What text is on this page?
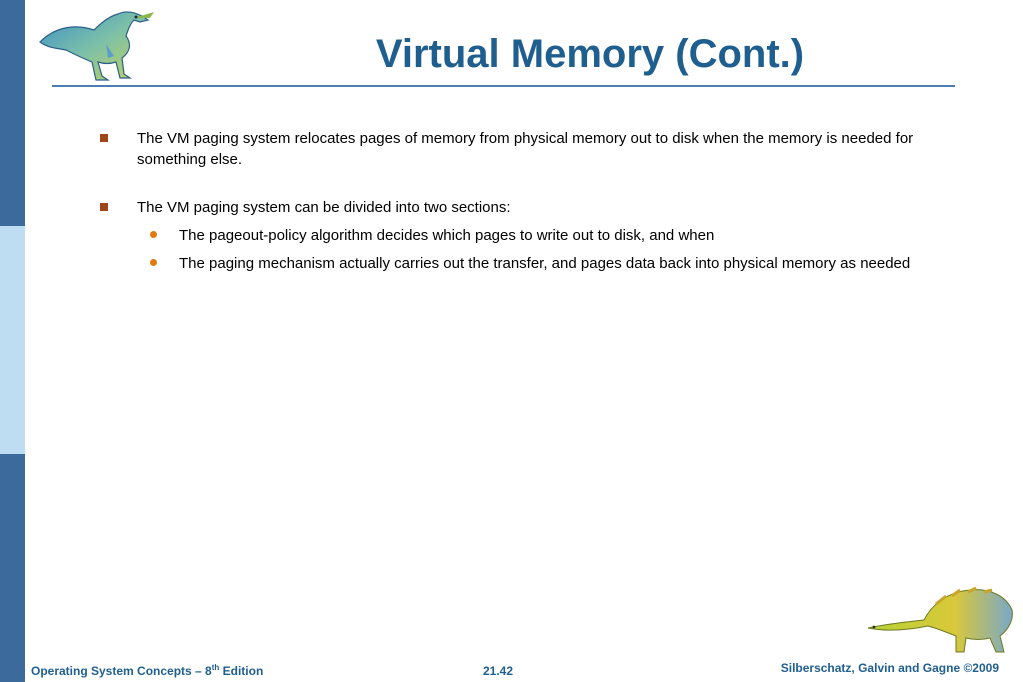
Virtual Memory (Cont.)
The VM paging system relocates pages of memory from physical memory out to disk when the memory is needed for something else.
The VM paging system can be divided into two sections:
The pageout-policy algorithm decides which pages to write out to disk, and when
The paging mechanism actually carries out the transfer, and pages data back into physical memory as needed
Operating System Concepts – 8th Edition	21.42	Silberschatz, Galvin and Gagne ©2009
